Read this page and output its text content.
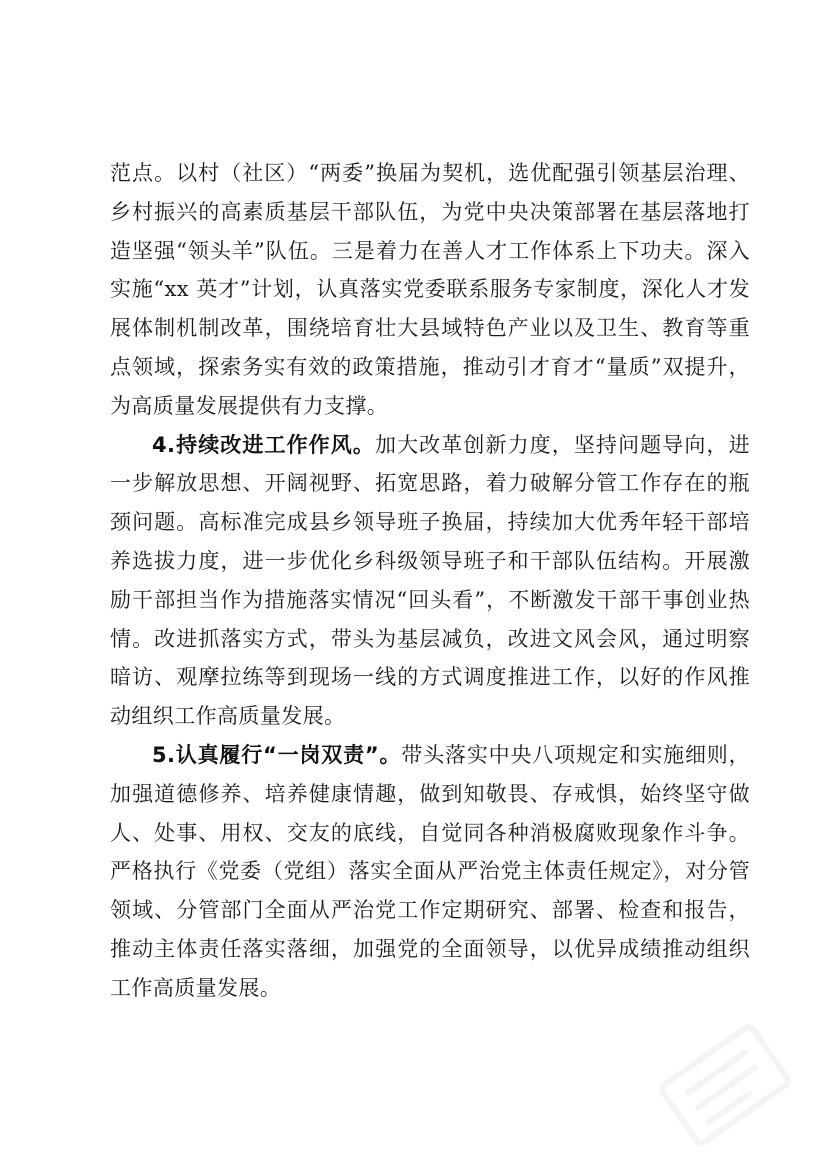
范点。以村（社区）“两委”换届为契机，选优配强引领基层治理、乡村振兴的高素质基层干部队伍，为党中央决策部署在基层落地打造坚强“领头羊”队伍。三是着力在善人才工作体系上下功夫。深入实施“xx 英才”计划，认真落实党委联系服务专家制度，深化人才发展体制机制改革，围绕培育壮大县域特色产业以及卫生、教育等重点领域，探索务实有效的政策措施，推动引才育才“量质”双提升，为高质量发展提供有力支撑。

4.持续改进工作作风。加大改革创新力度，坚持问题导向，进一步解放思想、开阔视野、拓宽思路，着力破解分管工作存在的瓶颈问题。高标准完成县乡领导班子换届，持续加大优秀年轻干部培养选拔力度，进一步优化乡科级领导班子和干部队伍结构。开展激励干部担当作为措施落实情况“回头看”，不断激发干部干事创业热情。改进抓落实方式，带头为基层减负，改进文风会风，通过明察暗访、观摩拉练等到现场一线的方式调度推进工作，以好的作风推动组织工作高质量发展。

5.认真履行“一岗双责”。带头落实中央八项规定和实施细则，加强道德修养、培养健康情趣，做到知敬畏、存戒惧，始终坚守做人、处事、用权、交友的底线，自觉同各种消极腐败现象作斗争。严格执行《党委（党组）落实全面从严治党主体责任规定》，对分管领域、分管部门全面从严治党工作定期研究、部署、检查和报告，推动主体责任落实落细，加强党的全面领导，以优异成绩推动组织工作高质量发展。
